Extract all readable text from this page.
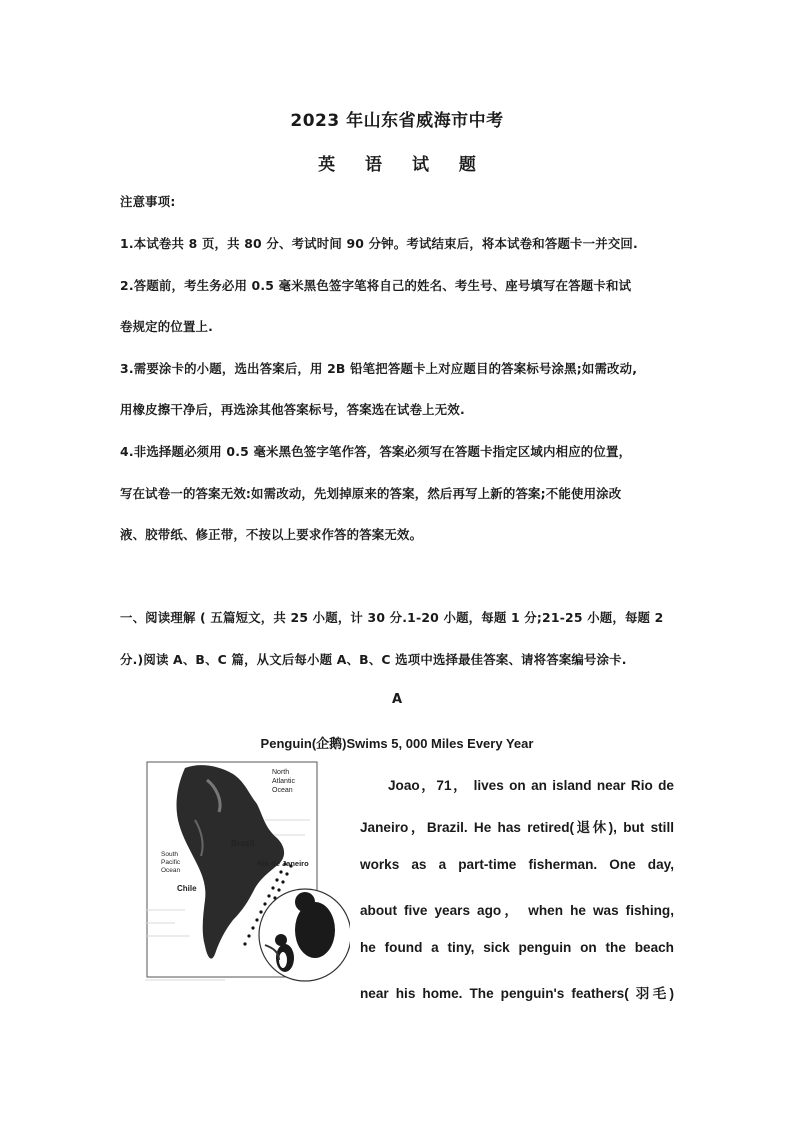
2023 年山东省威海市中考
英 语 试 题
注意事项:
1.本试卷共 8 页，共 80 分、考试时间 90 分钟。考试结束后，将本试卷和答题卡一并交回.
2.答题前，考生务必用 0.5 毫米黑色签字笔将自己的姓名、考生号、座号填写在答题卡和试
卷规定的位置上.
3.需要涂卡的小题，选出答案后，用 2B 铅笔把答题卡上对应题目的答案标号涂黑;如需改动,
用橡皮擦干净后，再选涂其他答案标号，答案选在试卷上无效.
4.非选择题必须用 0.5 毫米黑色签字笔作答，答案必须写在答题卡指定区域内相应的位置，
写在试卷一的答案无效:如需改动，先划掉原来的答案，然后再写上新的答案;不能使用涂改
液、胶带纸、修正带，不按以上要求作答的答案无效。
一、阅读理解 ( 五篇短文，共 25 小题，计 30 分.1-20 小题，每题 1 分;21-25 小题，每题 2
分.)阅读 A、B、C 篇，从文后每小题 A、B、C 选项中选择最佳答案、请将答案编号涂卡.
A
Penguin(企鹅)Swims 5, 000 Miles Every Year
North
Atlantic
Ocean
Brazil
Rio de Janeiro
South
Pacific
Ocean
Chile
Joao，71， lives on an island near Rio de
Janeiro，Brazil. He has retired(退休), but still
works as a part-time fisherman. One day,
about five years ago， when he was fishing,
he found a tiny, sick penguin on the beach
near his home. The penguin's feathers( 羽毛)
